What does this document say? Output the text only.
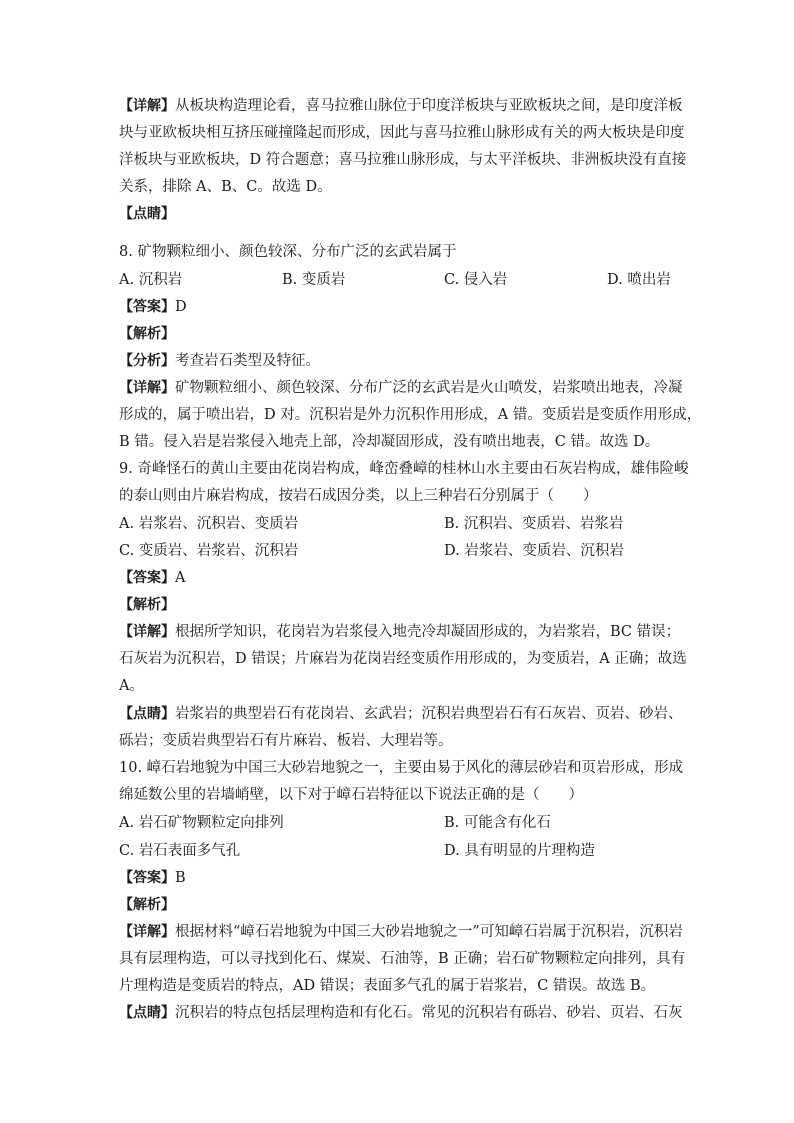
【详解】从板块构造理论看，喜马拉雅山脉位于印度洋板块与亚欧板块之间，是印度洋板
块与亚欧板块相互挤压碰撞隆起而形成，因此与喜马拉雅山脉形成有关的两大板块是印度
洋板块与亚欧板块，D 符合题意；喜马拉雅山脉形成，与太平洋板块、非洲板块没有直接
关系，排除 A、B、C。故选 D。
【点睛】
8. 矿物颗粒细小、颜色较深、分布广泛的玄武岩属于
A. 沉积岩	B. 变质岩	C. 侵入岩	D. 喷出岩
【答案】D
【解析】
【分析】考查岩石类型及特征。
【详解】矿物颗粒细小、颜色较深、分布广泛的玄武岩是火山喷发，岩浆喷出地表，冷凝
形成的，属于喷出岩，D 对。沉积岩是外力沉积作用形成，A 错。变质岩是变质作用形成，
B 错。侵入岩是岩浆侵入地壳上部，冷却凝固形成，没有喷出地表，C 错。故选 D。
9. 奇峰怪石的黄山主要由花岗岩构成，峰峦叠嶂的桂林山水主要由石灰岩构成，雄伟险峻
的泰山则由片麻岩构成，按岩石成因分类，以上三种岩石分别属于（　　）
A. 岩浆岩、沉积岩、变质岩	B. 沉积岩、变质岩、岩浆岩
C. 变质岩、岩浆岩、沉积岩	D. 岩浆岩、变质岩、沉积岩
【答案】A
【解析】
【详解】根据所学知识，花岗岩为岩浆侵入地壳冷却凝固形成的，为岩浆岩，BC 错误；
石灰岩为沉积岩，D 错误；片麻岩为花岗岩经变质作用形成的，为变质岩，A 正确；故选
A。
【点睛】岩浆岩的典型岩石有花岗岩、玄武岩；沉积岩典型岩石有石灰岩、页岩、砂岩、
砾岩；变质岩典型岩石有片麻岩、板岩、大理岩等。
10. 嶂石岩地貌为中国三大砂岩地貌之一，主要由易于风化的薄层砂岩和页岩形成，形成
绵延数公里的岩墙峭壁，以下对于嶂石岩特征以下说法正确的是（　　）
A. 岩石矿物颗粒定向排列	B. 可能含有化石
C. 岩石表面多气孔	D. 具有明显的片理构造
【答案】B
【解析】
【详解】根据材料“嶂石岩地貌为中国三大砂岩地貌之一”可知嶂石岩属于沉积岩，沉积岩
具有层理构造，可以寻找到化石、煤炭、石油等，B 正确；岩石矿物颗粒定向排列，具有
片理构造是变质岩的特点，AD 错误；表面多气孔的属于岩浆岩，C 错误。故选 B。
【点睛】沉积岩的特点包括层理构造和有化石。常见的沉积岩有砾岩、砂岩、页岩、石灰
